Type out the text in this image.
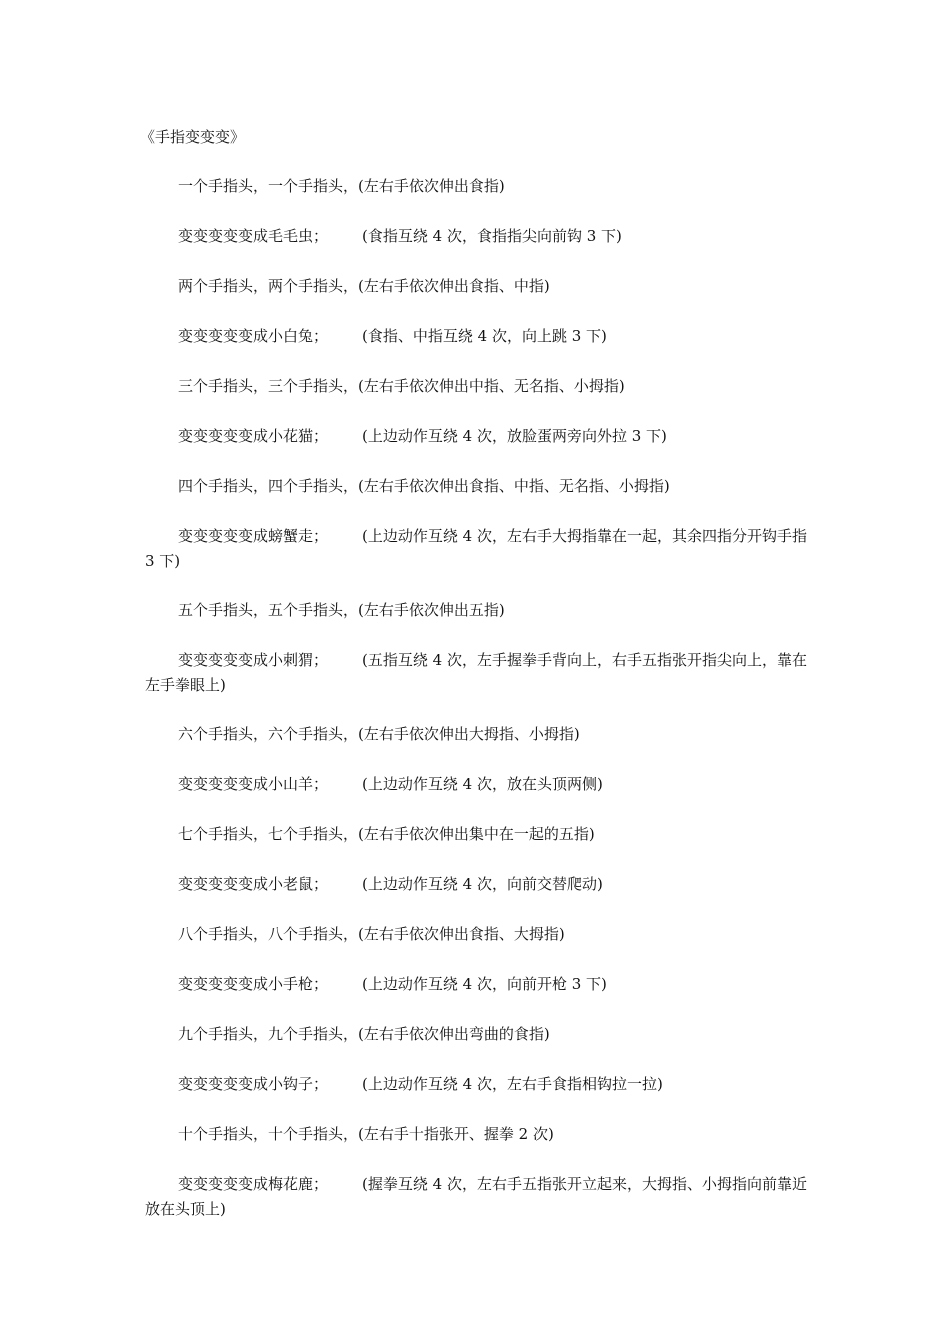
《手指变变变》
一个手指头，一个手指头，(左右手依次伸出食指)
变变变变变成毛毛虫； (食指互绕 4 次，食指指尖向前钩 3 下)
两个手指头，两个手指头，(左右手依次伸出食指、中指)
变变变变变成小白兔； (食指、中指互绕 4 次，向上跳 3 下)
三个手指头，三个手指头，(左右手依次伸出中指、无名指、小拇指)
变变变变变成小花猫； (上边动作互绕 4 次，放脸蛋两旁向外拉 3 下)
四个手指头，四个手指头，(左右手依次伸出食指、中指、无名指、小拇指)
变变变变变成螃蟹走； (上边动作互绕 4 次，左右手大拇指靠在一起，其余四指分开钩手指 3 下)
五个手指头，五个手指头，(左右手依次伸出五指)
变变变变变成小刺猬； (五指互绕 4 次，左手握拳手背向上，右手五指张开指尖向上，靠在左手拳眼上)
六个手指头，六个手指头，(左右手依次伸出大拇指、小拇指)
变变变变变成小山羊； (上边动作互绕 4 次，放在头顶两侧)
七个手指头，七个手指头，(左右手依次伸出集中在一起的五指)
变变变变变成小老鼠； (上边动作互绕 4 次，向前交替爬动)
八个手指头，八个手指头，(左右手依次伸出食指、大拇指)
变变变变变成小手枪； (上边动作互绕 4 次，向前开枪 3 下)
九个手指头，九个手指头，(左右手依次伸出弯曲的食指)
变变变变变成小钩子； (上边动作互绕 4 次，左右手食指相钩拉一拉)
十个手指头，十个手指头，(左右手十指张开、握拳 2 次)
变变变变变成梅花鹿； (握拳互绕 4 次，左右手五指张开立起来，大拇指、小拇指向前靠近放在头顶上)
